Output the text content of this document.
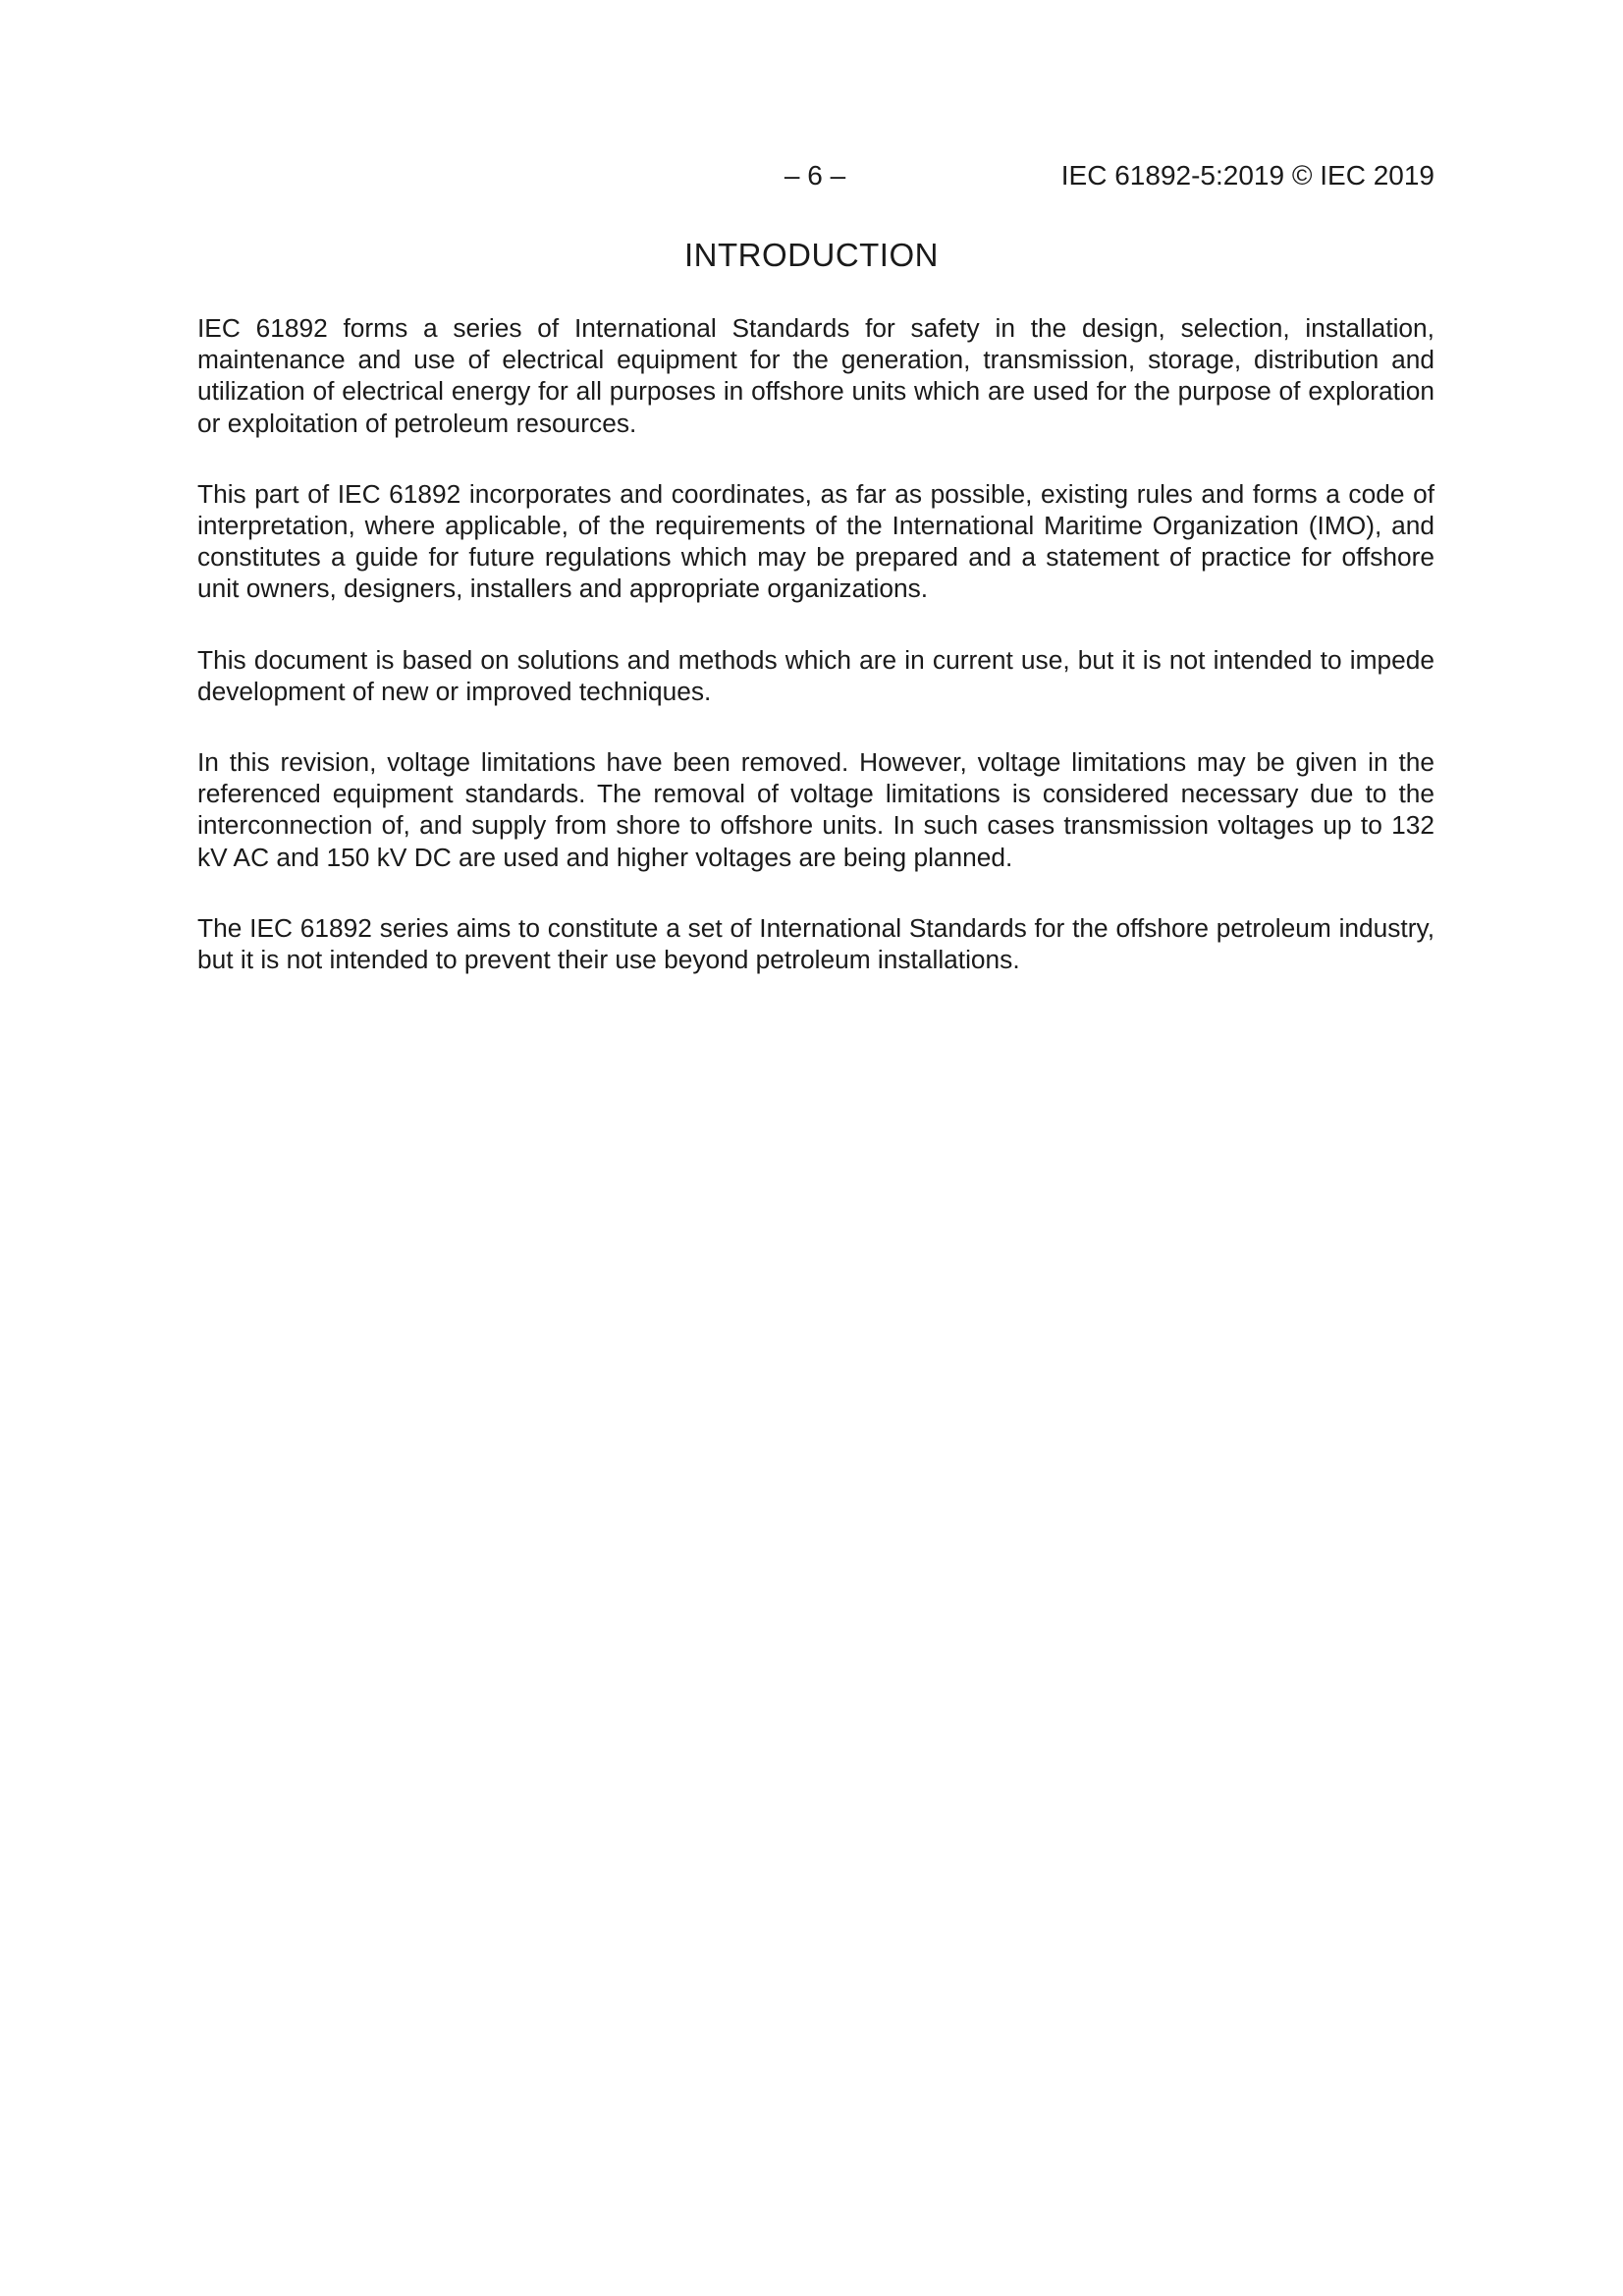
– 6 –	IEC 61892-5:2019 © IEC 2019
INTRODUCTION

IEC 61892 forms a series of International Standards for safety in the design, selection, installation, maintenance and use of electrical equipment for the generation, transmission, storage, distribution and utilization of electrical energy for all purposes in offshore units which are used for the purpose of exploration or exploitation of petroleum resources.

This part of IEC 61892 incorporates and coordinates, as far as possible, existing rules and forms a code of interpretation, where applicable, of the requirements of the International Maritime Organization (IMO), and constitutes a guide for future regulations which may be prepared and a statement of practice for offshore unit owners, designers, installers and appropriate organizations.

This document is based on solutions and methods which are in current use, but it is not intended to impede development of new or improved techniques.

In this revision, voltage limitations have been removed. However, voltage limitations may be given in the referenced equipment standards. The removal of voltage limitations is considered necessary due to the interconnection of, and supply from shore to offshore units. In such cases transmission voltages up to 132 kV AC and 150 kV DC are used and higher voltages are being planned.

The IEC 61892 series aims to constitute a set of International Standards for the offshore petroleum industry, but it is not intended to prevent their use beyond petroleum installations.
